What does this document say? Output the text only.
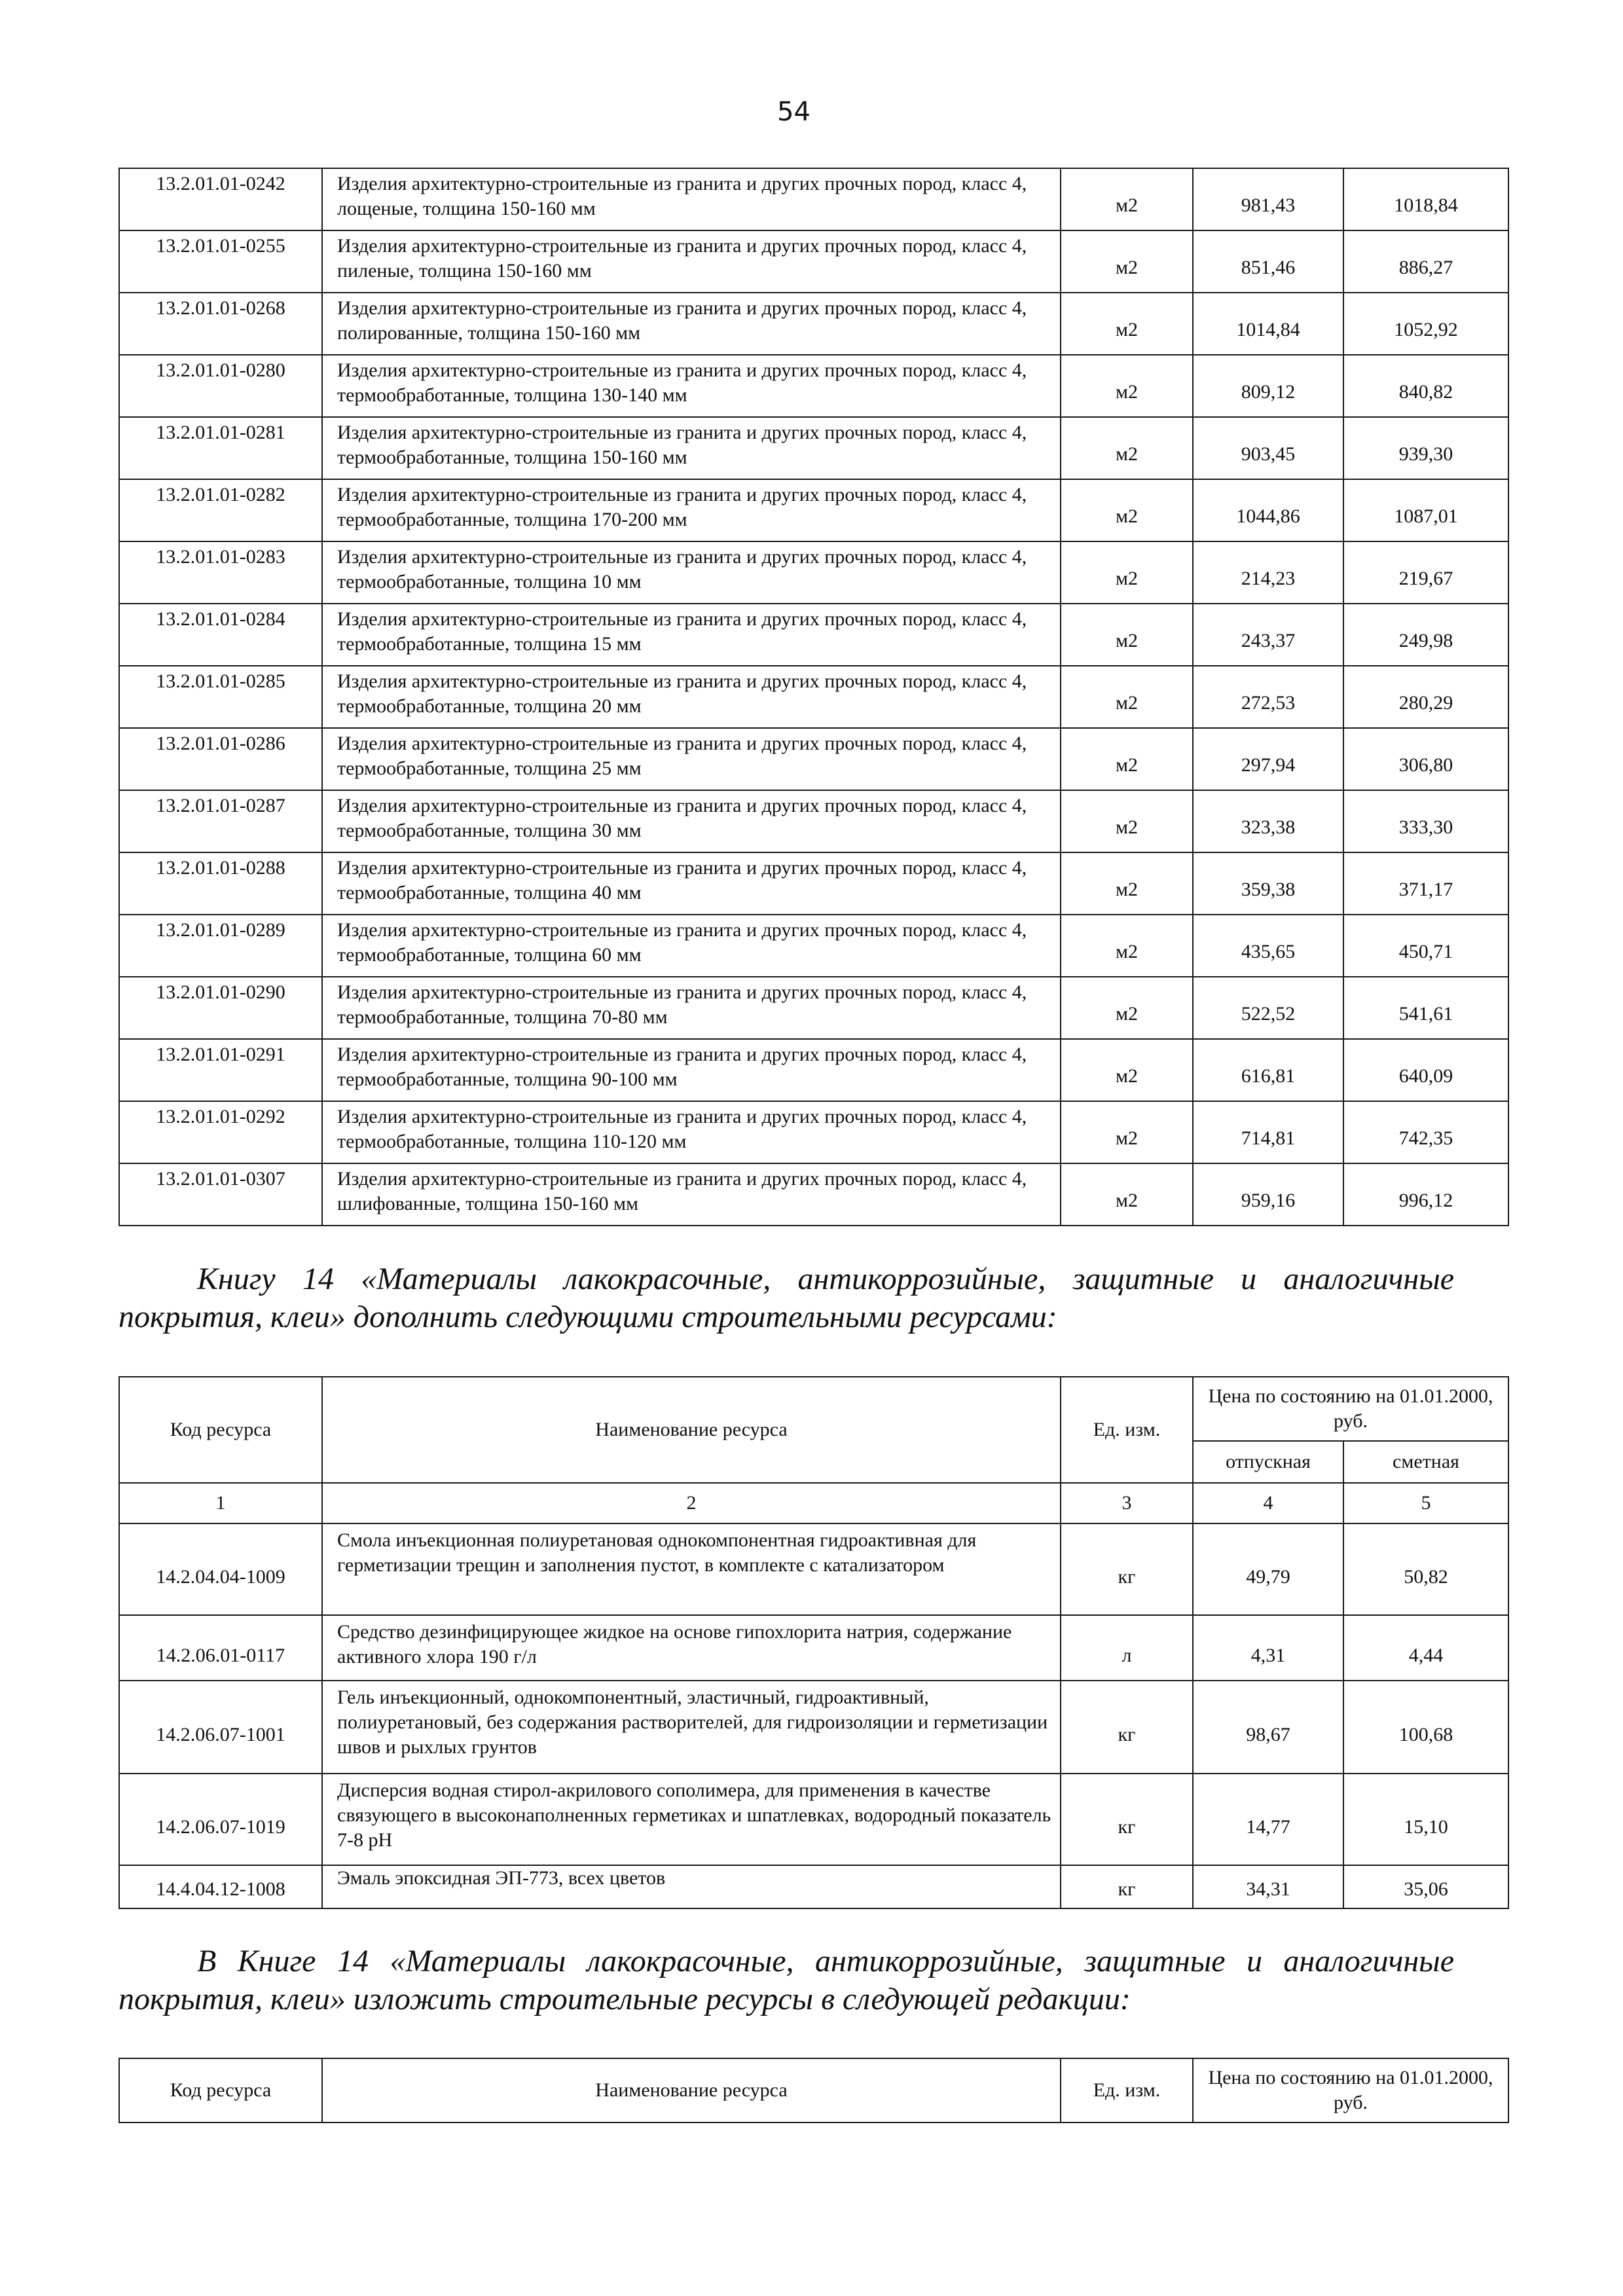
54
13.2.01.01-0242	Изделия архитектурно-строительные из гранита и других прочных пород, класс 4, лощеные, толщина 150-160 мм	м2	981,43	1018,84
13.2.01.01-0255	Изделия архитектурно-строительные из гранита и других прочных пород, класс 4, пиленые, толщина 150-160 мм	м2	851,46	886,27
13.2.01.01-0268	Изделия архитектурно-строительные из гранита и других прочных пород, класс 4, полированные, толщина 150-160 мм	м2	1014,84	1052,92
13.2.01.01-0280	Изделия архитектурно-строительные из гранита и других прочных пород, класс 4, термообработанные, толщина 130-140 мм	м2	809,12	840,82
13.2.01.01-0281	Изделия архитектурно-строительные из гранита и других прочных пород, класс 4, термообработанные, толщина 150-160 мм	м2	903,45	939,30
13.2.01.01-0282	Изделия архитектурно-строительные из гранита и других прочных пород, класс 4, термообработанные, толщина 170-200 мм	м2	1044,86	1087,01
13.2.01.01-0283	Изделия архитектурно-строительные из гранита и других прочных пород, класс 4, термообработанные, толщина 10 мм	м2	214,23	219,67
13.2.01.01-0284	Изделия архитектурно-строительные из гранита и других прочных пород, класс 4, термообработанные, толщина 15 мм	м2	243,37	249,98
13.2.01.01-0285	Изделия архитектурно-строительные из гранита и других прочных пород, класс 4, термообработанные, толщина 20 мм	м2	272,53	280,29
13.2.01.01-0286	Изделия архитектурно-строительные из гранита и других прочных пород, класс 4, термообработанные, толщина 25 мм	м2	297,94	306,80
13.2.01.01-0287	Изделия архитектурно-строительные из гранита и других прочных пород, класс 4, термообработанные, толщина 30 мм	м2	323,38	333,30
13.2.01.01-0288	Изделия архитектурно-строительные из гранита и других прочных пород, класс 4, термообработанные, толщина 40 мм	м2	359,38	371,17
13.2.01.01-0289	Изделия архитектурно-строительные из гранита и других прочных пород, класс 4, термообработанные, толщина 60 мм	м2	435,65	450,71
13.2.01.01-0290	Изделия архитектурно-строительные из гранита и других прочных пород, класс 4, термообработанные, толщина 70-80 мм	м2	522,52	541,61
13.2.01.01-0291	Изделия архитектурно-строительные из гранита и других прочных пород, класс 4, термообработанные, толщина 90-100 мм	м2	616,81	640,09
13.2.01.01-0292	Изделия архитектурно-строительные из гранита и других прочных пород, класс 4, термообработанные, толщина 110-120 мм	м2	714,81	742,35
13.2.01.01-0307	Изделия архитектурно-строительные из гранита и других прочных пород, класс 4, шлифованные, толщина 150-160 мм	м2	959,16	996,12
Книгу 14 «Материалы лакокрасочные, антикоррозийные, защитные и аналогичные покрытия, клеи» дополнить следующими строительными ресурсами:
Код ресурса	Наименование ресурса	Ед. изм.	Цена по состоянию на 01.01.2000, руб.	
			отпускная	сметная
1	2	3	4	5
14.2.04.04-1009	Смола инъекционная полиуретановая однокомпонентная гидроактивная для герметизации трещин и заполнения пустот, в комплекте с катализатором	кг	49,79	50,82
14.2.06.01-0117	Средство дезинфицирующее жидкое на основе гипохлорита натрия, содержание активного хлора 190 г/л	л	4,31	4,44
14.2.06.07-1001	Гель инъекционный, однокомпонентный, эластичный, гидроактивный, полиуретановый, без содержания растворителей, для гидроизоляции и герметизации швов и рыхлых грунтов	кг	98,67	100,68
14.2.06.07-1019	Дисперсия водная стирол-акрилового сополимера, для применения в качестве связующего в высоконаполненных герметиках и шпатлевках, водородный показатель 7-8 pH	кг	14,77	15,10
14.4.04.12-1008	Эмаль эпоксидная ЭП-773, всех цветов	кг	34,31	35,06
В Книге 14 «Материалы лакокрасочные, антикоррозийные, защитные и аналогичные покрытия, клеи» изложить строительные ресурсы в следующей редакции:
Код ресурса	Наименование ресурса	Ед. изм.	Цена по состоянию на 01.01.2000, руб.
